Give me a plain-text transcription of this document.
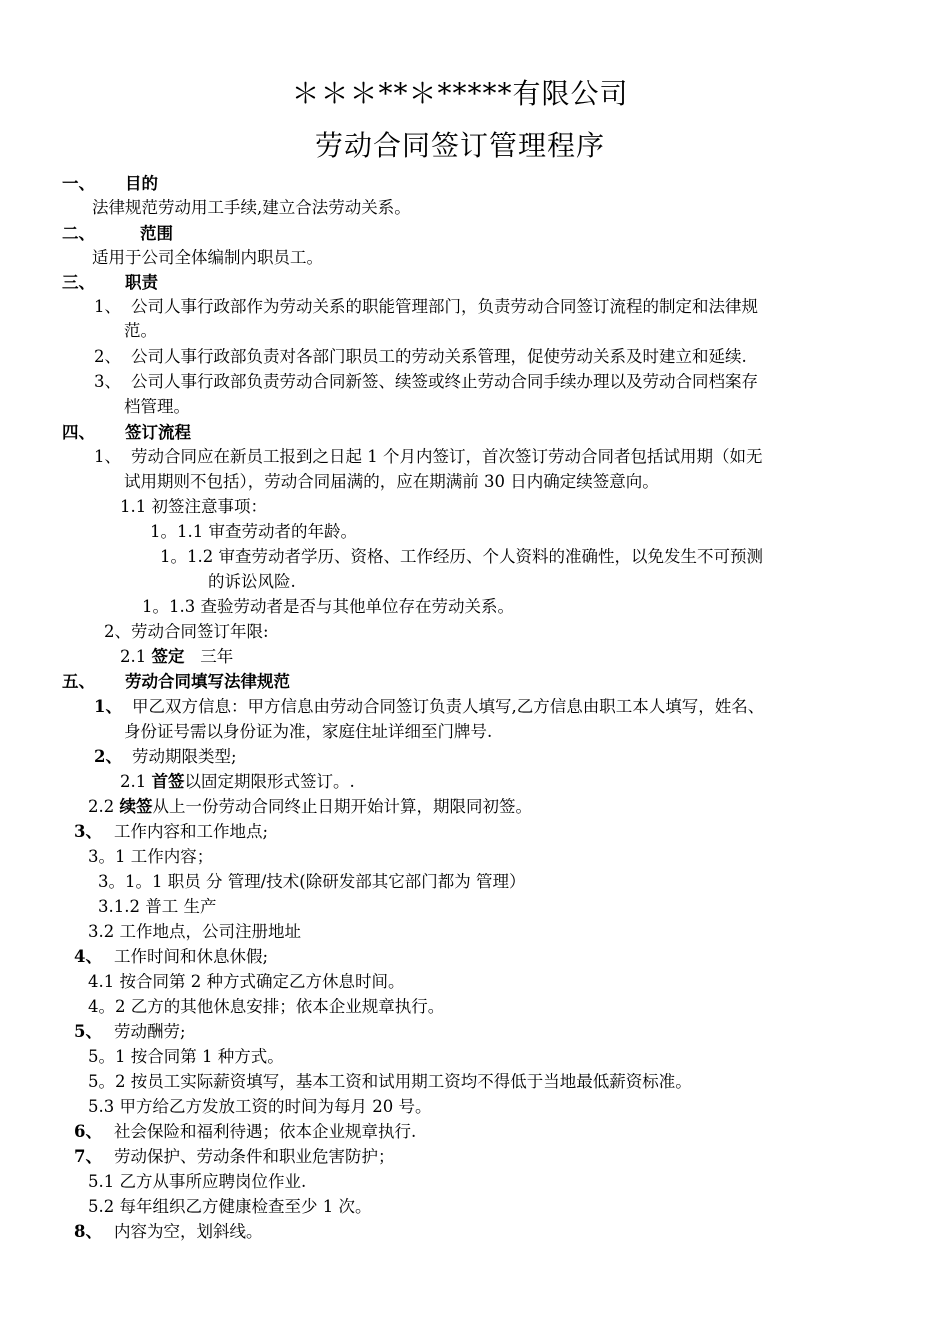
＊＊＊**＊*****有限公司
劳动合同签订管理程序
一、 目的
法律规范劳动用工手续,建立合法劳动关系。
二、	范围
适用于公司全体编制内职员工。
三、 职责
1、 公司人事行政部作为劳动关系的职能管理部门，负责劳动合同签订流程的制定和法律规
范。
2、 公司人事行政部负责对各部门职员工的劳动关系管理，促使劳动关系及时建立和延续.
3、 公司人事行政部负责劳动合同新签、续签或终止劳动合同手续办理以及劳动合同档案存
档管理。
四、 签订流程
1、 劳动合同应在新员工报到之日起 1 个月内签订，首次签订劳动合同者包括试用期（如无
试用期则不包括），劳动合同届满的，应在期满前 30 日内确定续签意向。
1.1 初签注意事项：
1。1.1 审查劳动者的年龄。
1。1.2 审查劳动者学历、资格、工作经历、个人资料的准确性，以免发生不可预测
的诉讼风险.
1。1.3 查验劳动者是否与其他单位存在劳动关系。
2、劳动合同签订年限:
2.1 签定   三年
五、 劳动合同填写法律规范
1、 甲乙双方信息：甲方信息由劳动合同签订负责人填写,乙方信息由职工本人填写，姓名、
身份证号需以身份证为准，家庭住址详细至门牌号.
2、 劳动期限类型;
2.1 首签以固定期限形式签订。.
2.2 续签从上一份劳动合同终止日期开始计算，期限同初签。
3、 工作内容和工作地点;
3。1 工作内容；
3。1。1 职员 分 管理/技术(除研发部其它部门都为 管理）
3.1.2 普工 生产
3.2 工作地点，公司注册地址
4、 工作时间和休息休假;
4.1 按合同第 2 种方式确定乙方休息时间。
4。2 乙方的其他休息安排；依本企业规章执行。
5、 劳动酬劳;
5。1 按合同第 1 种方式。
5。2 按员工实际薪资填写，基本工资和试用期工资均不得低于当地最低薪资标准。
5.3 甲方给乙方发放工资的时间为每月 20 号。
6、 社会保险和福利待遇；依本企业规章执行.
7、 劳动保护、劳动条件和职业危害防护；
5.1 乙方从事所应聘岗位作业.
5.2 每年组织乙方健康检查至少 1 次。
8、 内容为空，划斜线。
